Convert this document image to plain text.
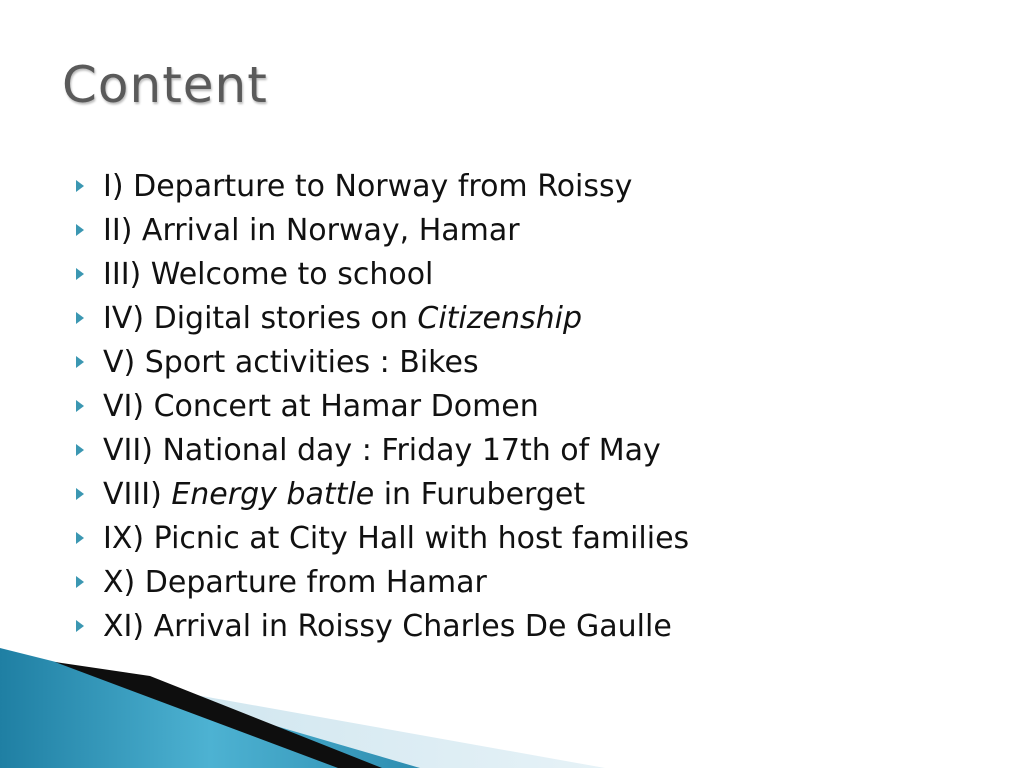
Content
I) Departure to Norway from Roissy
II) Arrival in Norway, Hamar
III) Welcome to school
IV) Digital stories on Citizenship
V) Sport activities : Bikes
VI) Concert at Hamar Domen
VII) National day : Friday 17th of May
VIII) Energy battle in Furuberget
IX) Picnic at City Hall with host families
X) Departure from Hamar
XI) Arrival in Roissy Charles De Gaulle
